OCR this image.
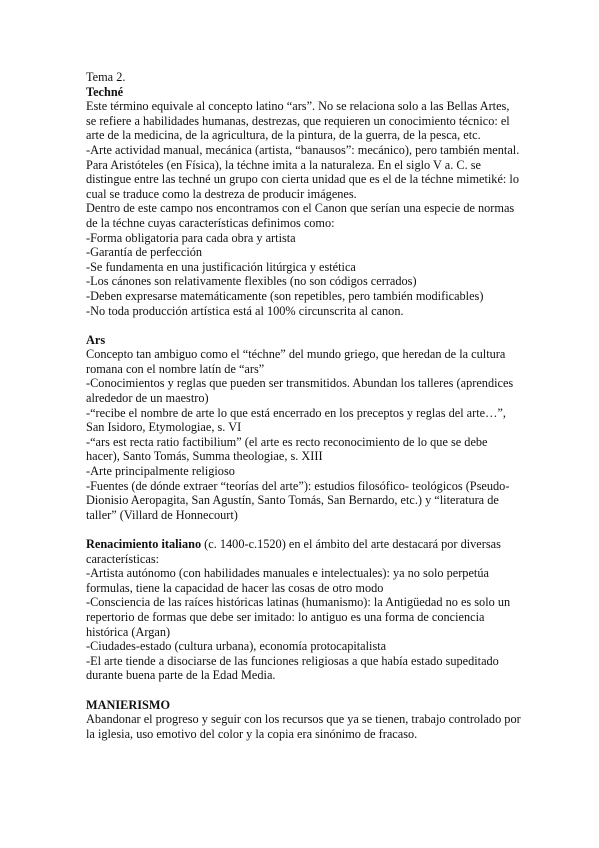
Tema 2.
Techné
Este término equivale al concepto latino “ars”. No se relaciona solo a las Bellas Artes,
se refiere a habilidades humanas, destrezas, que requieren un conocimiento técnico: el
arte de la medicina, de la agricultura, de la pintura, de la guerra, de la pesca, etc.
-Arte actividad manual, mecánica (artista, “banausos”: mecánico), pero también mental.
Para Aristóteles (en Física), la téchne imita a la naturaleza. En el siglo V a. C. se
distingue entre las techné un grupo con cierta unidad que es el de la téchne mimetiké: lo
cual se traduce como la destreza de producir imágenes.
Dentro de este campo nos encontramos con el Canon que serían una especie de normas
de la téchne cuyas características definimos como:
-Forma obligatoria para cada obra y artista
-Garantía de perfección
-Se fundamenta en una justificación litúrgica y estética
-Los cánones son relativamente flexibles (no son códigos cerrados)
-Deben expresarse matemáticamente (son repetibles, pero también modificables)
-No toda producción artística está al 100% circunscrita al canon.
Ars
Concepto tan ambiguo como el “téchne” del mundo griego, que heredan de la cultura
romana con el nombre latín de “ars”
-Conocimientos y reglas que pueden ser transmitidos. Abundan los talleres (aprendices
alrededor de un maestro)
-“recibe el nombre de arte lo que está encerrado en los preceptos y reglas del arte…”,
San Isidoro, Etymologiae, s. VI
-“ars est recta ratio factibilium” (el arte es recto reconocimiento de lo que se debe
hacer), Santo Tomás, Summa theologiae, s. XIII
-Arte principalmente religioso
-Fuentes (de dónde extraer “teorías del arte”): estudios filosófico- teológicos (Pseudo-
Dionisio Aeropagita, San Agustín, Santo Tomás, San Bernardo, etc.) y “literatura de
taller” (Villard de Honnecourt)
Renacimiento italiano (c. 1400-c.1520) en el ámbito del arte destacará por diversas
características:
-Artista autónomo (con habilidades manuales e intelectuales): ya no solo perpetúa
formulas, tiene la capacidad de hacer las cosas de otro modo
-Consciencia de las raíces históricas latinas (humanismo): la Antigüedad no es solo un
repertorio de formas que debe ser imitado: lo antiguo es una forma de conciencia
histórica (Argan)
-Ciudades-estado (cultura urbana), economía protocapitalista
-El arte tiende a disociarse de las funciones religiosas a que había estado supeditado
durante buena parte de la Edad Media.
MANIERISMO
Abandonar el progreso y seguir con los recursos que ya se tienen, trabajo controlado por
la iglesia, uso emotivo del color y la copia era sinónimo de fracaso.
